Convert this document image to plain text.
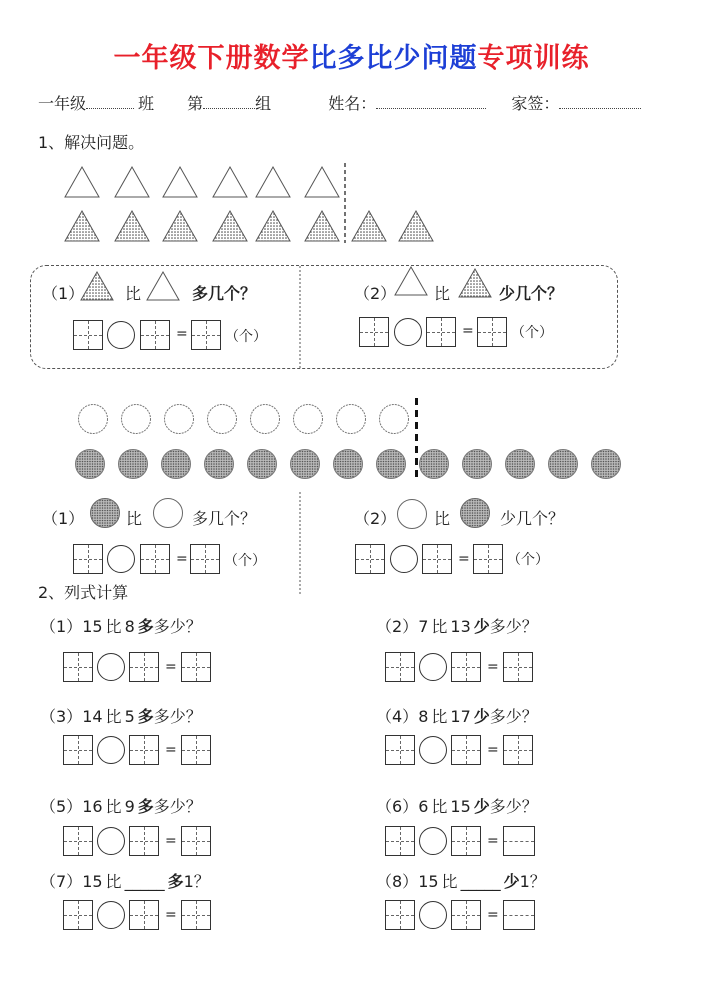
一年级下册数学比多比少问题专项训练
一年级	班 第	组	姓名：	家签：
1、解决问题。
（1）	比	多几个？
=	（个）
（2） 比	少几个？
=	（个）
（1）	比	多几个？
=	（个）
（2） 比	少几个？
=	（个）
2、列式计算
（1）15 比 8 多多少？
=
（2）7 比 13 少多少？
=
（3）14 比 5 多多少？
=
（4）8 比 17 少多少？
=
（5）16 比 9 多多少？
=
（6）6 比 15 少多少？
=
（7）15 比 _____ 多1？
=
（8）15 比 _____ 少1？
=
